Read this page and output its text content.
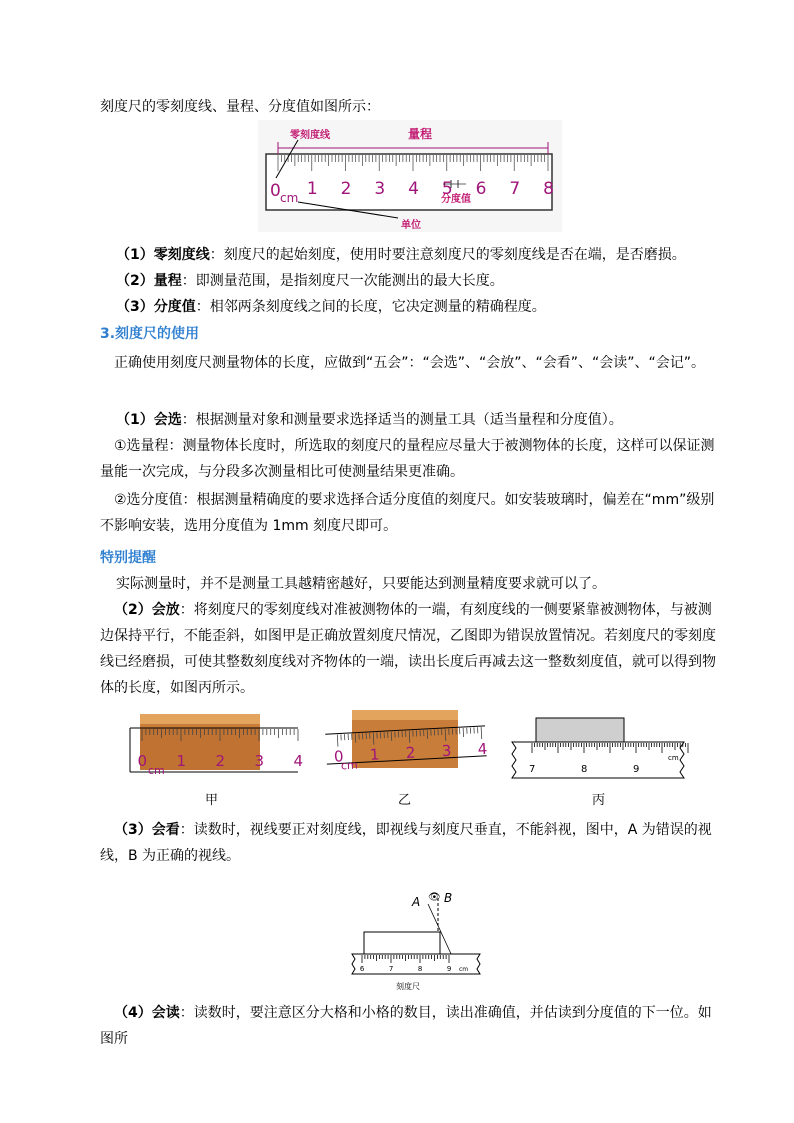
刻度尺的零刻度线、量程、分度值如图所示：
量程
零刻度线
0 cm 1 2 3 4 5 6 7 8
分度值
单位
（1）零刻度线：刻度尺的起始刻度，使用时要注意刻度尺的零刻度线是否在端，是否磨损。
（2）量程：即测量范围，是指刻度尺一次能测出的最大长度。
（3）分度值：相邻两条刻度线之间的长度，它决定测量的精确程度。
3.刻度尺的使用
正确使用刻度尺测量物体的长度，应做到“五会”：“会选”、“会放”、“会看”、“会读”、“会记”。
（1）会选：根据测量对象和测量要求选择适当的测量工具（适当量程和分度值）。
①选量程：测量物体长度时，所选取的刻度尺的量程应尽量大于被测物体的长度，这样可以保证测量能一次完成，与分段多次测量相比可使测量结果更准确。
②选分度值：根据测量精确度的要求选择合适分度值的刻度尺。如安装玻璃时，偏差在“mm”级别不影响安装，选用分度值为 1mm 刻度尺即可。
特别提醒
实际测量时，并不是测量工具越精密越好，只要能达到测量精度要求就可以了。
（2）会放：将刻度尺的零刻度线对准被测物体的一端，有刻度线的一侧要紧靠被测物体，与被测边保持平行，不能歪斜，如图甲是正确放置刻度尺情况，乙图即为错误放置情况。若刻度尺的零刻度线已经磨损，可使其整数刻度线对齐物体的一端，读出长度后再减去这一整数刻度值，就可以得到物体的长度，如图丙所示。
0 1 2 3 4
cm
甲
0 1 2 3 4
cm
乙
7	8	9
cm
丙
（3）会看：读数时，视线要正对刻度线，即视线与刻度尺垂直，不能斜视，图中，A 为错误的视线，B 为正确的视线。
A B
👁
6	7	8	9 cm
刻度尺
（4）会读：读数时，要注意区分大格和小格的数目，读出准确值，并估读到分度值的下一位。如图所
